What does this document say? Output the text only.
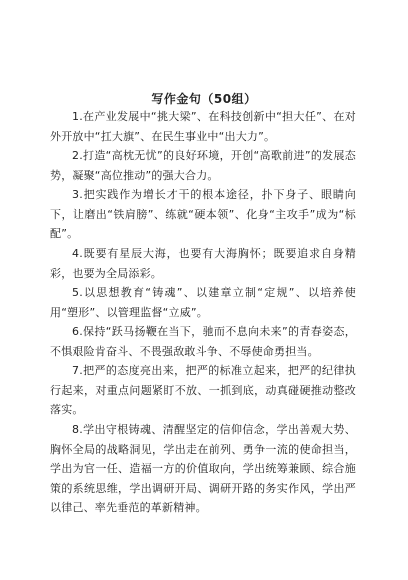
写作金句（50组）

1.在产业发展中“挑大梁”、在科技创新中“担大任”、在对外开放中“扛大旗”、在民生事业中“出大力”。

2.打造“高枕无忧”的良好环境，开创“高歌前进”的发展态势，凝聚“高位推动”的强大合力。

3.把实践作为增长才干的根本途径，扑下身子、眼睛向下，让磨出“铁肩膀”、练就“硬本领”、化身“主攻手”成为“标配”。

4.既要有星辰大海，也要有大海胸怀；既要追求自身精彩，也要为全局添彩。

5.以思想教育“铸魂”、以建章立制“定规”、以培养使用“塑形”、以管理监督“立威”。

6.保持“跃马扬鞭在当下，驰而不息向未来”的青春姿态，不惧艰险肯奋斗、不畏强敌敢斗争、不辱使命勇担当。

7.把严的态度亮出来，把严的标准立起来，把严的纪律执行起来，对重点问题紧盯不放、一抓到底，动真碰硬推动整改落实。

8.学出守根铸魂、清醒坚定的信仰信念，学出善观大势、胸怀全局的战略洞见，学出走在前列、勇争一流的使命担当，学出为官一任、造福一方的价值取向，学出统筹兼顾、综合施策的系统思维，学出调研开局、调研开路的务实作风，学出严以律己、率先垂范的革新精神。
